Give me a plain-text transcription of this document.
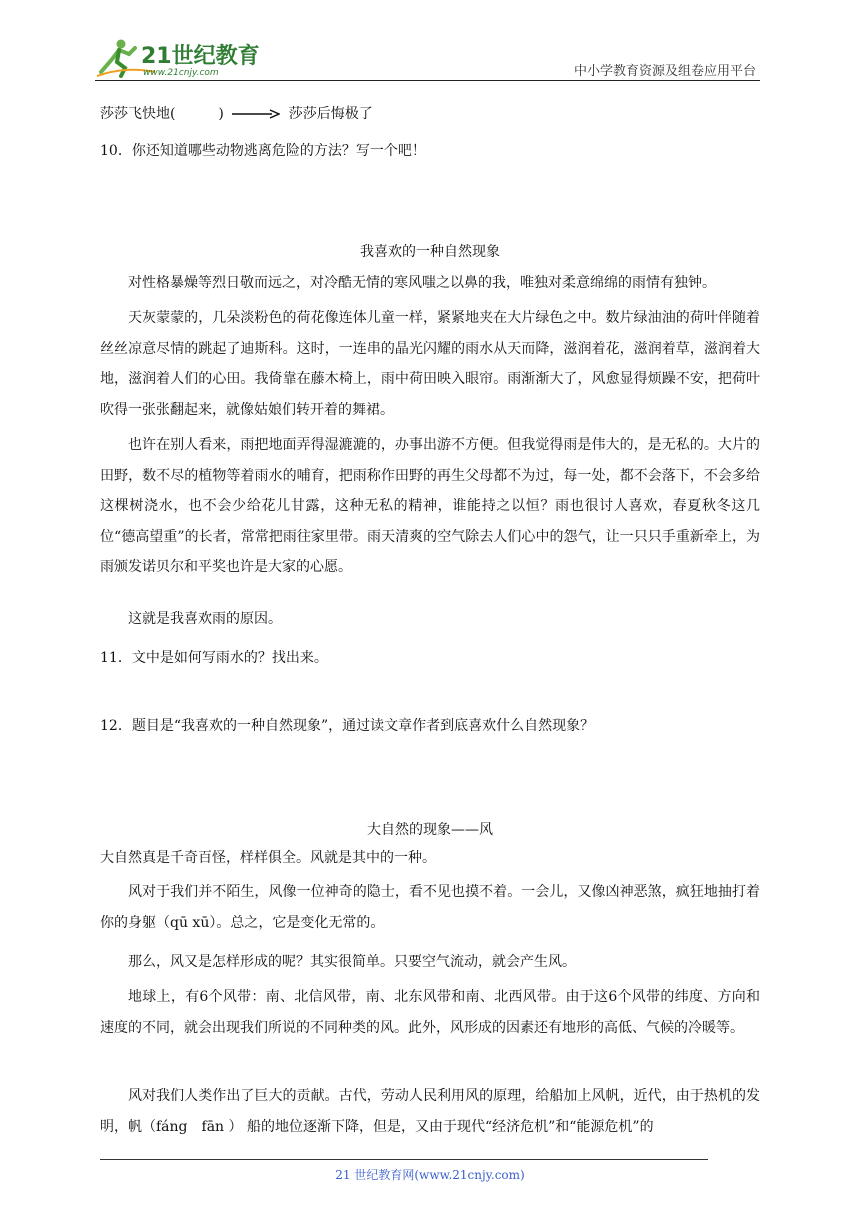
21世纪教育
www.21cnjy.com	中小学教育资源及组卷应用平台
莎莎飞快地(	)	莎莎后悔极了
10．你还知道哪些动物逃离危险的方法？写一个吧！
我喜欢的一种自然现象
对性格暴燥等烈日敬而远之，对冷酷无情的寒风嗤之以鼻的我，唯独对柔意绵绵的雨情有独钟。
天灰蒙蒙的，几朵淡粉色的荷花像连体儿童一样，紧紧地夹在大片绿色之中。数片绿油油的荷叶伴随着丝丝凉意尽情的跳起了迪斯科。这时，一连串的晶光闪耀的雨水从天而降，滋润着花，滋润着草，滋润着大地，滋润着人们的心田。我倚靠在藤木椅上，雨中荷田映入眼帘。雨渐渐大了，风愈显得烦躁不安，把荷叶吹得一张张翻起来，就像姑娘们转开着的舞裙。
也许在别人看来，雨把地面弄得湿漉漉的，办事出游不方便。但我觉得雨是伟大的，是无私的。大片的田野，数不尽的植物等着雨水的哺育，把雨称作田野的再生父母都不为过，每一处，都不会落下，不会多给这棵树浇水，也不会少给花儿甘露，这种无私的精神，谁能持之以恒？雨也很讨人喜欢，春夏秋冬这几位“德高望重”的长者，常常把雨往家里带。雨天清爽的空气除去人们心中的怨气，让一只只手重新牵上，为雨颁发诺贝尔和平奖也许是大家的心愿。
这就是我喜欢雨的原因。
11．文中是如何写雨水的？找出来。
12．题目是“我喜欢的一种自然现象”，通过读文章作者到底喜欢什么自然现象？
大自然的现象——风
大自然真是千奇百怪，样样俱全。风就是其中的一种。
风对于我们并不陌生，风像一位神奇的隐士，看不见也摸不着。一会儿，又像凶神恶煞，疯狂地抽打着你的身躯（qū xū）。总之，它是变化无常的。
那么，风又是怎样形成的呢？其实很简单。只要空气流动，就会产生风。
地球上，有6个风带：南、北信风带，南、北东风带和南、北西风带。由于这6个风带的纬度、方向和速度的不同，就会出现我们所说的不同种类的风。此外，风形成的因素还有地形的高低、气候的冷暖等。
风对我们人类作出了巨大的贡献。古代，劳动人民利用风的原理，给船加上风帆，近代，由于热机的发明，帆（fáng　fān ） 船的地位逐渐下降，但是，又由于现代“经济危机”和“能源危机”的
21 世纪教育网(www.21cnjy.com)
